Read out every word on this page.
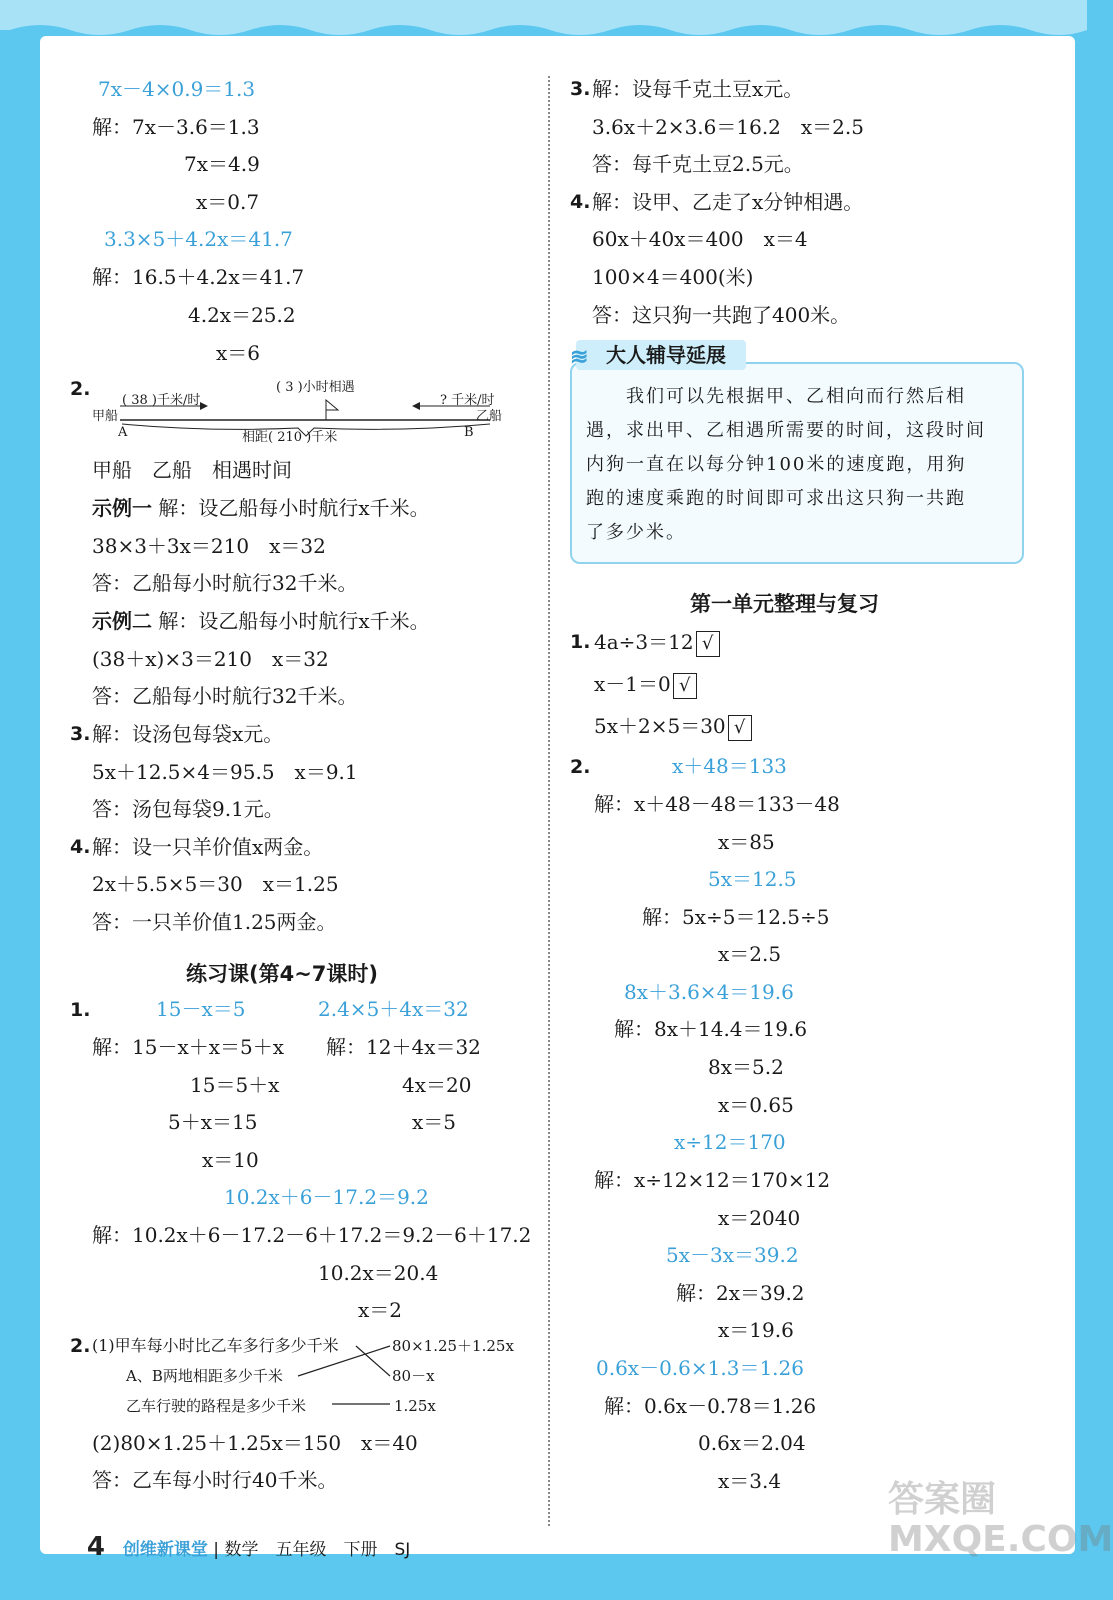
7x－4×0.9＝1.3
解：7x－3.6＝1.3
7x＝4.9
x＝0.7
3.3×5＋4.2x＝41.7
解：16.5＋4.2x＝41.7
4.2x＝25.2
x＝6
2.
( 38 )千米/时
( 3 )小时相遇
? 千米/时
甲船	乙船
A	B
相距( 210 )千米
甲船　乙船　相遇时间
示例一 解：设乙船每小时航行x千米。
38×3＋3x＝210　x＝32
答：乙船每小时航行32千米。
示例二 解：设乙船每小时航行x千米。
(38＋x)×3＝210　x＝32
答：乙船每小时航行32千米。
3. 解：设汤包每袋x元。
5x＋12.5×4＝95.5　x＝9.1
答：汤包每袋9.1元。
4. 解：设一只羊价值x两金。
2x＋5.5×5＝30　x＝1.25
答：一只羊价值1.25两金。
练习课(第4~7课时)
1.	15－x＝5	2.4×5＋4x＝32
解：15－x＋x＝5＋x 解：12＋4x＝32
15＝5＋x	4x＝20
5＋x＝15	x＝5
x＝10
10.2x＋6－17.2＝9.2
解：10.2x＋6－17.2－6＋17.2＝9.2－6＋17.2
10.2x＝20.4
x＝2
2. (1)甲车每小时比乙车多行多少千米
A、B两地相距多少千米
乙车行驶的路程是多少千米
80×1.25＋1.25x
80－x
1.25x
(2)80×1.25＋1.25x＝150　x＝40
答：乙车每小时行40千米。
3. 解：设每千克土豆x元。
3.6x＋2×3.6＝16.2　x＝2.5
答：每千克土豆2.5元。
4. 解：设甲、乙走了x分钟相遇。
60x＋40x＝400　x＝4
100×4＝400(米)
答：这只狗一共跑了400米。
大人辅导延展
≋
我们可以先根据甲、乙相向而行然后相
遇，求出甲、乙相遇所需要的时间，这段时间
内狗一直在以每分钟100米的速度跑，用狗
跑的速度乘跑的时间即可求出这只狗一共跑
了多少米。
第一单元整理与复习
1. 4a÷3＝12 √
x－1＝0 √
5x＋2×5＝30 √
2.	x＋48＝133
解：x＋48－48＝133－48
x＝85
5x＝12.5
解：5x÷5＝12.5÷5
x＝2.5
8x＋3.6×4＝19.6
解：8x＋14.4＝19.6
8x＝5.2
x＝0.65
x÷12＝170
解：x÷12×12＝170×12
x＝2040
5x－3x＝39.2
解：2x＝39.2
x＝19.6
0.6x－0.6×1.3＝1.26
解：0.6x－0.78＝1.26
0.6x＝2.04
x＝3.4

4 创维新课堂 | 数学　五年级　下册　SJ

答案圈
MXQE.COM
